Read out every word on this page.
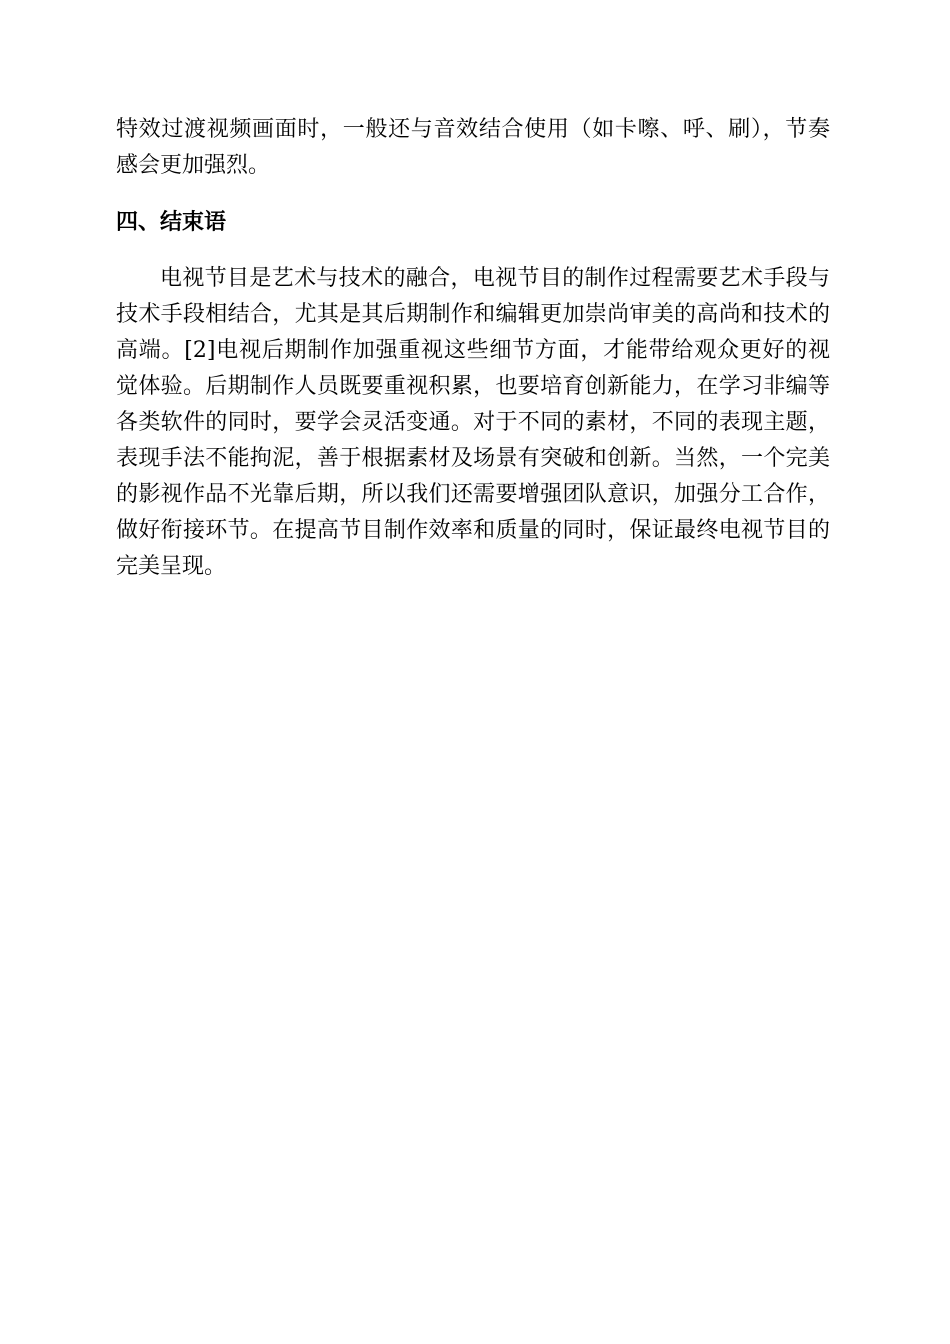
特效过渡视频画面时，一般还与音效结合使用（如卡嚓、呼、刷），节奏
感会更加强烈。
四、结束语
电视节目是艺术与技术的融合，电视节目的制作过程需要艺术手段与
技术手段相结合，尤其是其后期制作和编辑更加崇尚审美的高尚和技术的
高端。[2]电视后期制作加强重视这些细节方面，才能带给观众更好的视
觉体验。后期制作人员既要重视积累，也要培育创新能力，在学习非编等
各类软件的同时，要学会灵活变通。对于不同的素材，不同的表现主题，
表现手法不能拘泥，善于根据素材及场景有突破和创新。当然，一个完美
的影视作品不光靠后期，所以我们还需要增强团队意识，加强分工合作，
做好衔接环节。在提高节目制作效率和质量的同时，保证最终电视节目的
完美呈现。
